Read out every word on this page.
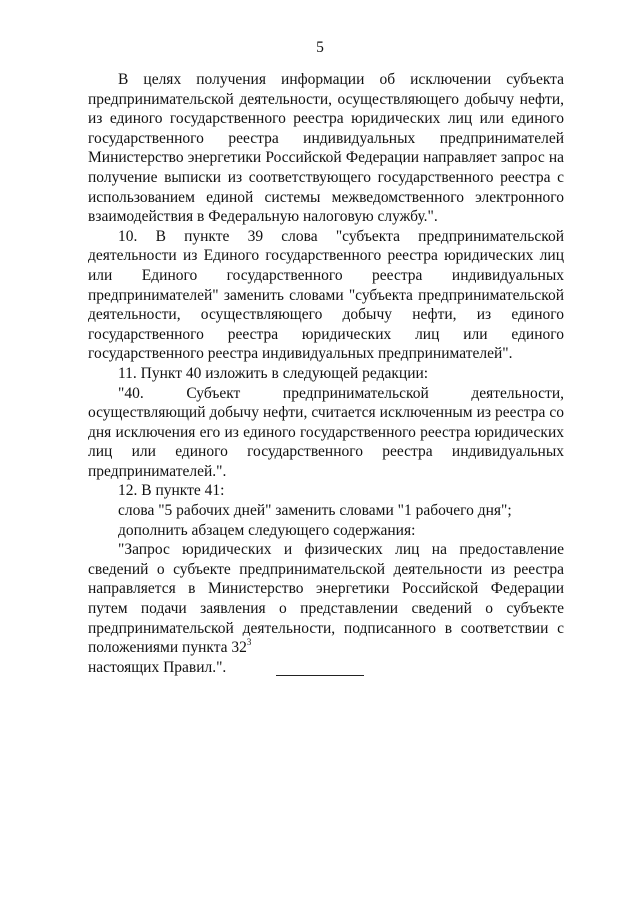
5

В целях получения информации об исключении субъекта предпринимательской деятельности, осуществляющего добычу нефти, из единого государственного реестра юридических лиц или единого государственного реестра индивидуальных предпринимателей Министерство энергетики Российской Федерации направляет запрос на получение выписки из соответствующего государственного реестра с использованием единой системы межведомственного электронного взаимодействия в Федеральную налоговую службу.".

10. В пункте 39 слова "субъекта предпринимательской деятельности из Единого государственного реестра юридических лиц или Единого государственного реестра индивидуальных предпринимателей" заменить словами "субъекта предпринимательской деятельности, осуществляющего добычу нефти, из единого государственного реестра юридических лиц или единого государственного реестра индивидуальных предпринимателей".

11. Пункт 40 изложить в следующей редакции:

"40. Субъект предпринимательской деятельности, осуществляющий добычу нефти, считается исключенным из реестра со дня исключения его из единого государственного реестра юридических лиц или единого государственного реестра индивидуальных предпринимателей.".

12. В пункте 41:

слова "5 рабочих дней" заменить словами "1 рабочего дня";

дополнить абзацем следующего содержания:

"Запрос юридических и физических лиц на предоставление сведений о субъекте предпринимательской деятельности из реестра направляется в Министерство энергетики Российской Федерации путем подачи заявления о представлении сведений о субъекте предпринимательской деятельности, подписанного в соответствии с положениями пункта $32^3$
настоящих Правил.".
